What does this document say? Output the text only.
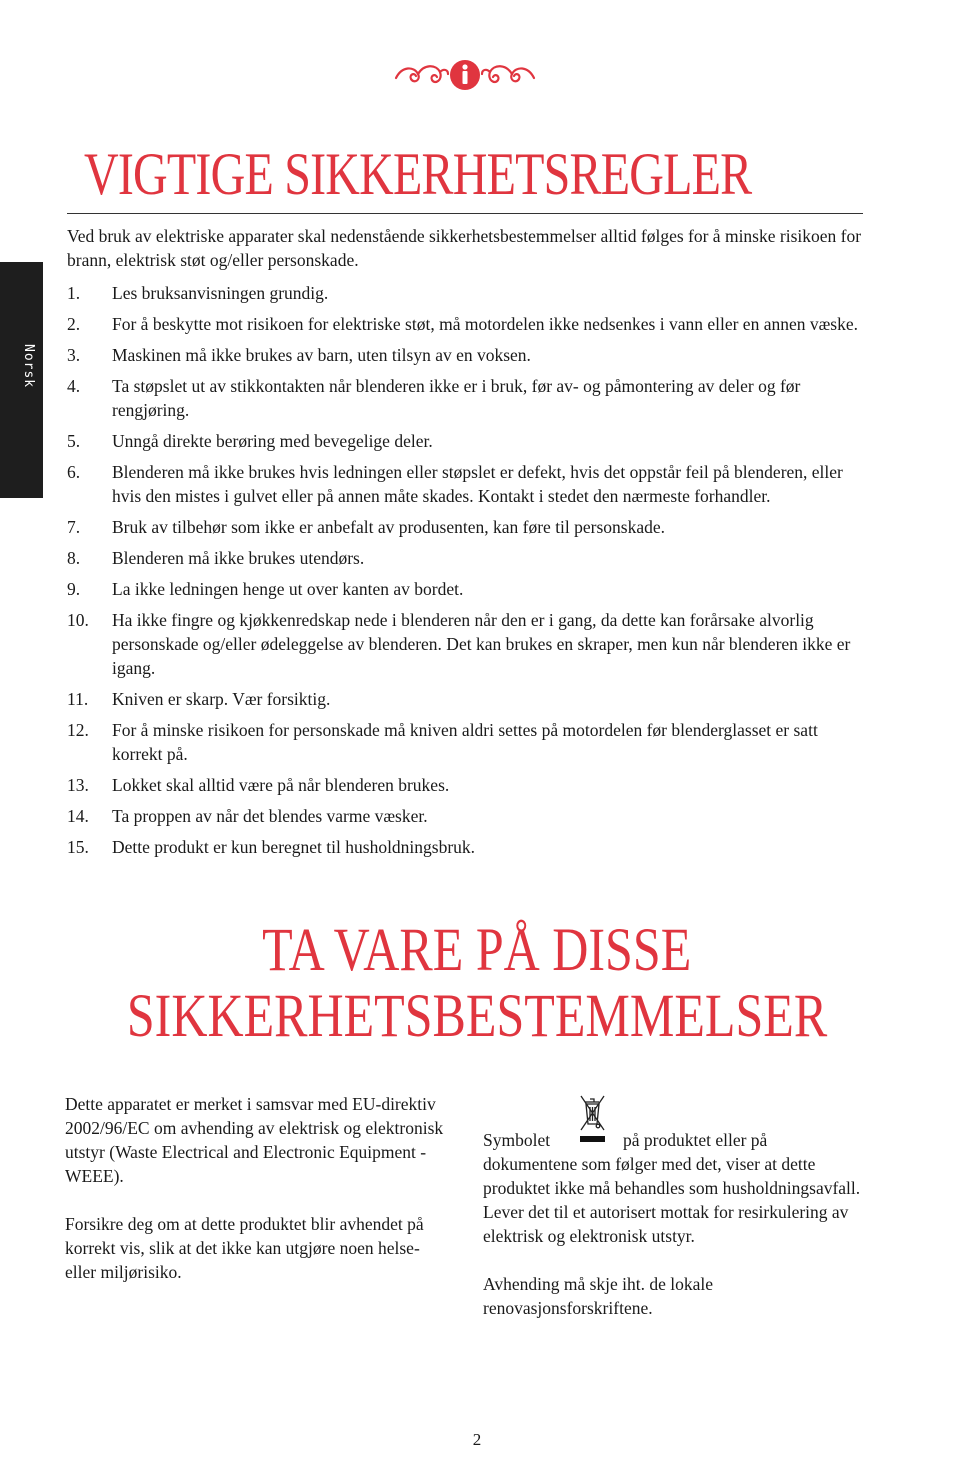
Norsk
VIGTIGE SIKKERHETSREGLER

Ved bruk av elektriske apparater skal nedenstående sikkerhetsbestemmelser alltid følges for å minske risikoen for brann, elektrisk støt og/eller personskade.

1. Les bruksanvisningen grundig.
2. For å beskytte mot risikoen for elektriske støt, må motordelen ikke nedsenkes i vann eller en annen væske.
3. Maskinen må ikke brukes av barn, uten tilsyn av en voksen.
4. Ta støpslet ut av stikkontakten når blenderen ikke er i bruk, før av- og påmontering av deler og før rengjøring.
5. Unngå direkte berøring med bevegelige deler.
6. Blenderen må ikke brukes hvis ledningen eller støpslet er defekt, hvis det oppstår feil på blenderen, eller hvis den mistes i gulvet eller på annen måte skades. Kontakt i stedet den nærmeste forhandler.
7. Bruk av tilbehør som ikke er anbefalt av produsenten, kan føre til personskade.
8. Blenderen må ikke brukes utendørs.
9. La ikke ledningen henge ut over kanten av bordet.
10. Ha ikke fingre og kjøkkenredskap nede i blenderen når den er i gang, da dette kan forårsake alvorlig personskade og/eller ødeleggelse av blenderen. Det kan brukes en skraper, men kun når blenderen ikke er igang.
11. Kniven er skarp. Vær forsiktig.
12. For å minske risikoen for personskade må kniven aldri settes på motordelen før blenderglasset er satt korrekt på.
13. Lokket skal alltid være på når blenderen brukes.
14. Ta proppen av når det blendes varme væsker.
15. Dette produkt er kun beregnet til husholdningsbruk.
TA VARE PÅ DISSE
SIKKERHETSBESTEMMELSER

Dette apparatet er merket i samsvar med EU-direktiv 2002/96/EC om avhending av elektrisk og elektronisk utstyr (Waste Electrical and Electronic Equipment - WEEE).

Forsikre deg om at dette produktet blir avhendet på korrekt vis, slik at det ikke kan utgjøre noen helse- eller miljørisiko.

Symbolet	på produktet eller på

dokumentene som følger med det, viser at dette produktet ikke må behandles som husholdningsavfall. Lever det til et autorisert mottak for resirkulering av elektrisk og elektronisk utstyr.

Avhending må skje iht. de lokale renovasjonsforskriftene.

2
